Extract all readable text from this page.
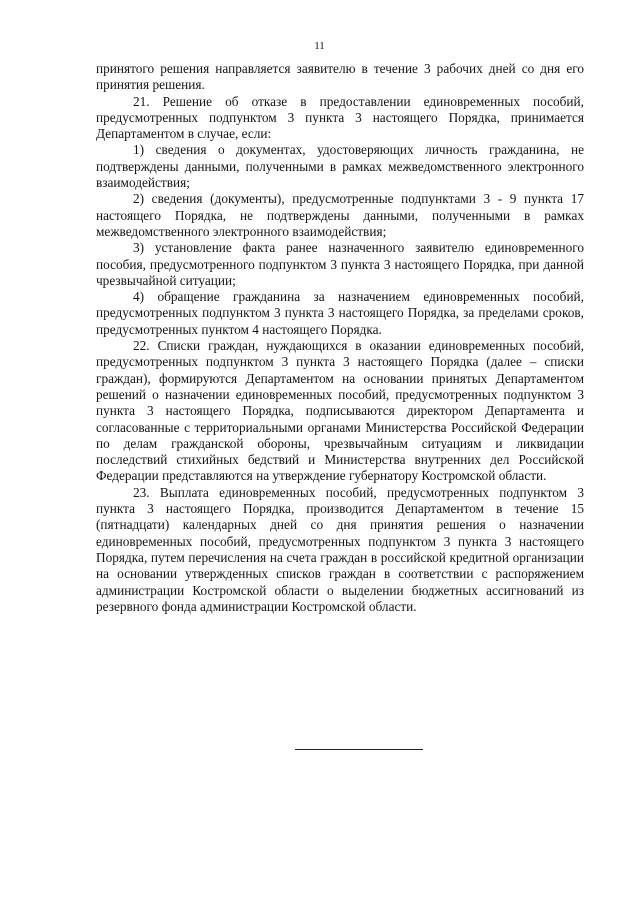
11

принятого решения направляется заявителю в течение 3 рабочих дней со дня его принятия решения.

21. Решение об отказе в предоставлении единовременных пособий, предусмотренных подпунктом 3 пункта 3 настоящего Порядка, принимается Департаментом в случае, если:

1) сведения о документах, удостоверяющих личность гражданина, не подтверждены данными, полученными в рамках межведомственного электронного взаимодействия;

2) сведения (документы), предусмотренные подпунктами 3 - 9 пункта 17 настоящего Порядка, не подтверждены данными, полученными в рамках межведомственного электронного взаимодействия;

3) установление факта ранее назначенного заявителю единовременного пособия, предусмотренного подпунктом 3 пункта 3 настоящего Порядка, при данной чрезвычайной ситуации;

4) обращение гражданина за назначением единовременных пособий, предусмотренных подпунктом 3 пункта 3 настоящего Порядка, за пределами сроков, предусмотренных пунктом 4 настоящего Порядка.

22. Списки граждан, нуждающихся в оказании единовременных пособий, предусмотренных подпунктом 3 пункта 3 настоящего Порядка (далее – списки граждан), формируются Департаментом на основании принятых Департаментом решений о назначении единовременных пособий, предусмотренных подпунктом 3 пункта 3 настоящего Порядка, подписываются директором Департамента и согласованные с территориальными органами Министерства Российской Федерации по делам гражданской обороны, чрезвычайным ситуациям и ликвидации последствий стихийных бедствий и Министерства внутренних дел Российской Федерации представляются на утверждение губернатору Костромской области.

23. Выплата единовременных пособий, предусмотренных подпунктом 3 пункта 3 настоящего Порядка, производится Департаментом в течение 15 (пятнадцати) календарных дней со дня принятия решения о назначении единовременных пособий, предусмотренных подпунктом 3 пункта 3 настоящего Порядка, путем перечисления на счета граждан в российской кредитной организации на основании утвержденных списков граждан в соответствии с распоряжением администрации Костромской области о выделении бюджетных ассигнований из резервного фонда администрации Костромской области.
